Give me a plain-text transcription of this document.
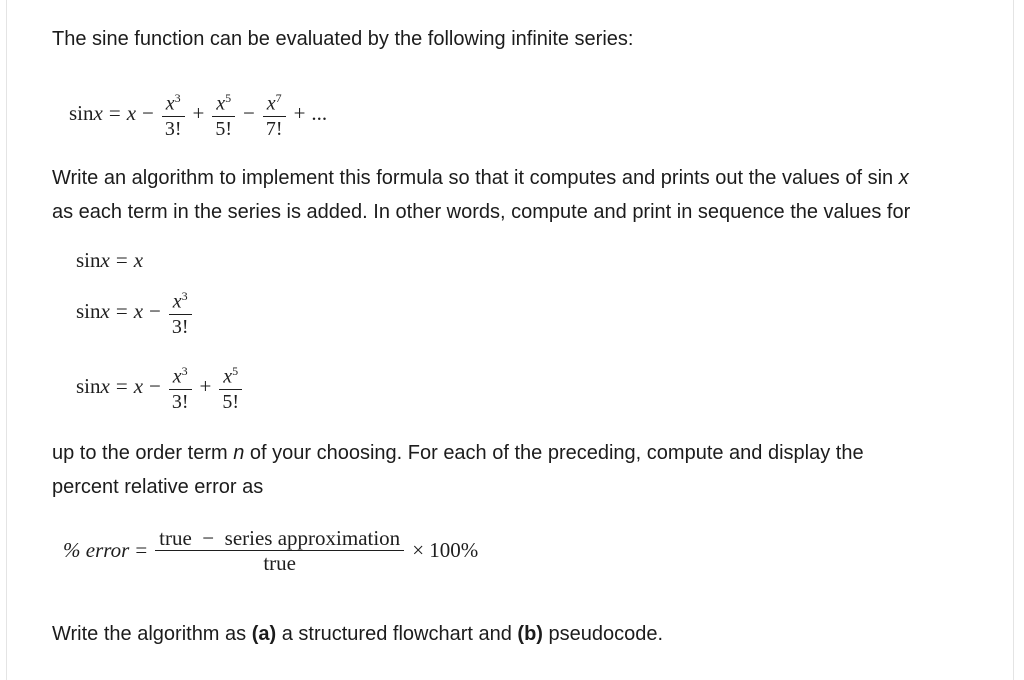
The sine function can be evaluated by the following infinite series:
$\sin x = x - \frac{x^3}{3!} + \frac{x^5}{5!} - \frac{x^7}{7!}$ + ...
Write an algorithm to implement this formula so that it computes and prints out the values of sin x
as each term in the series is added. In other words, compute and print in sequence the values for
sin x = x
$\sin x = x - \frac{x^3}{3!}$
$\sin x = x - \frac{x^3}{3!} + \frac{x^5}{5!}$
up to the order term n of your choosing. For each of the preceding, compute and display the
percent relative error as
% error = $\frac{\text{true  −  series approximation}}{\text{true}} \times 100\%$
Write the algorithm as (a) a structured flowchart and (b) pseudocode.
